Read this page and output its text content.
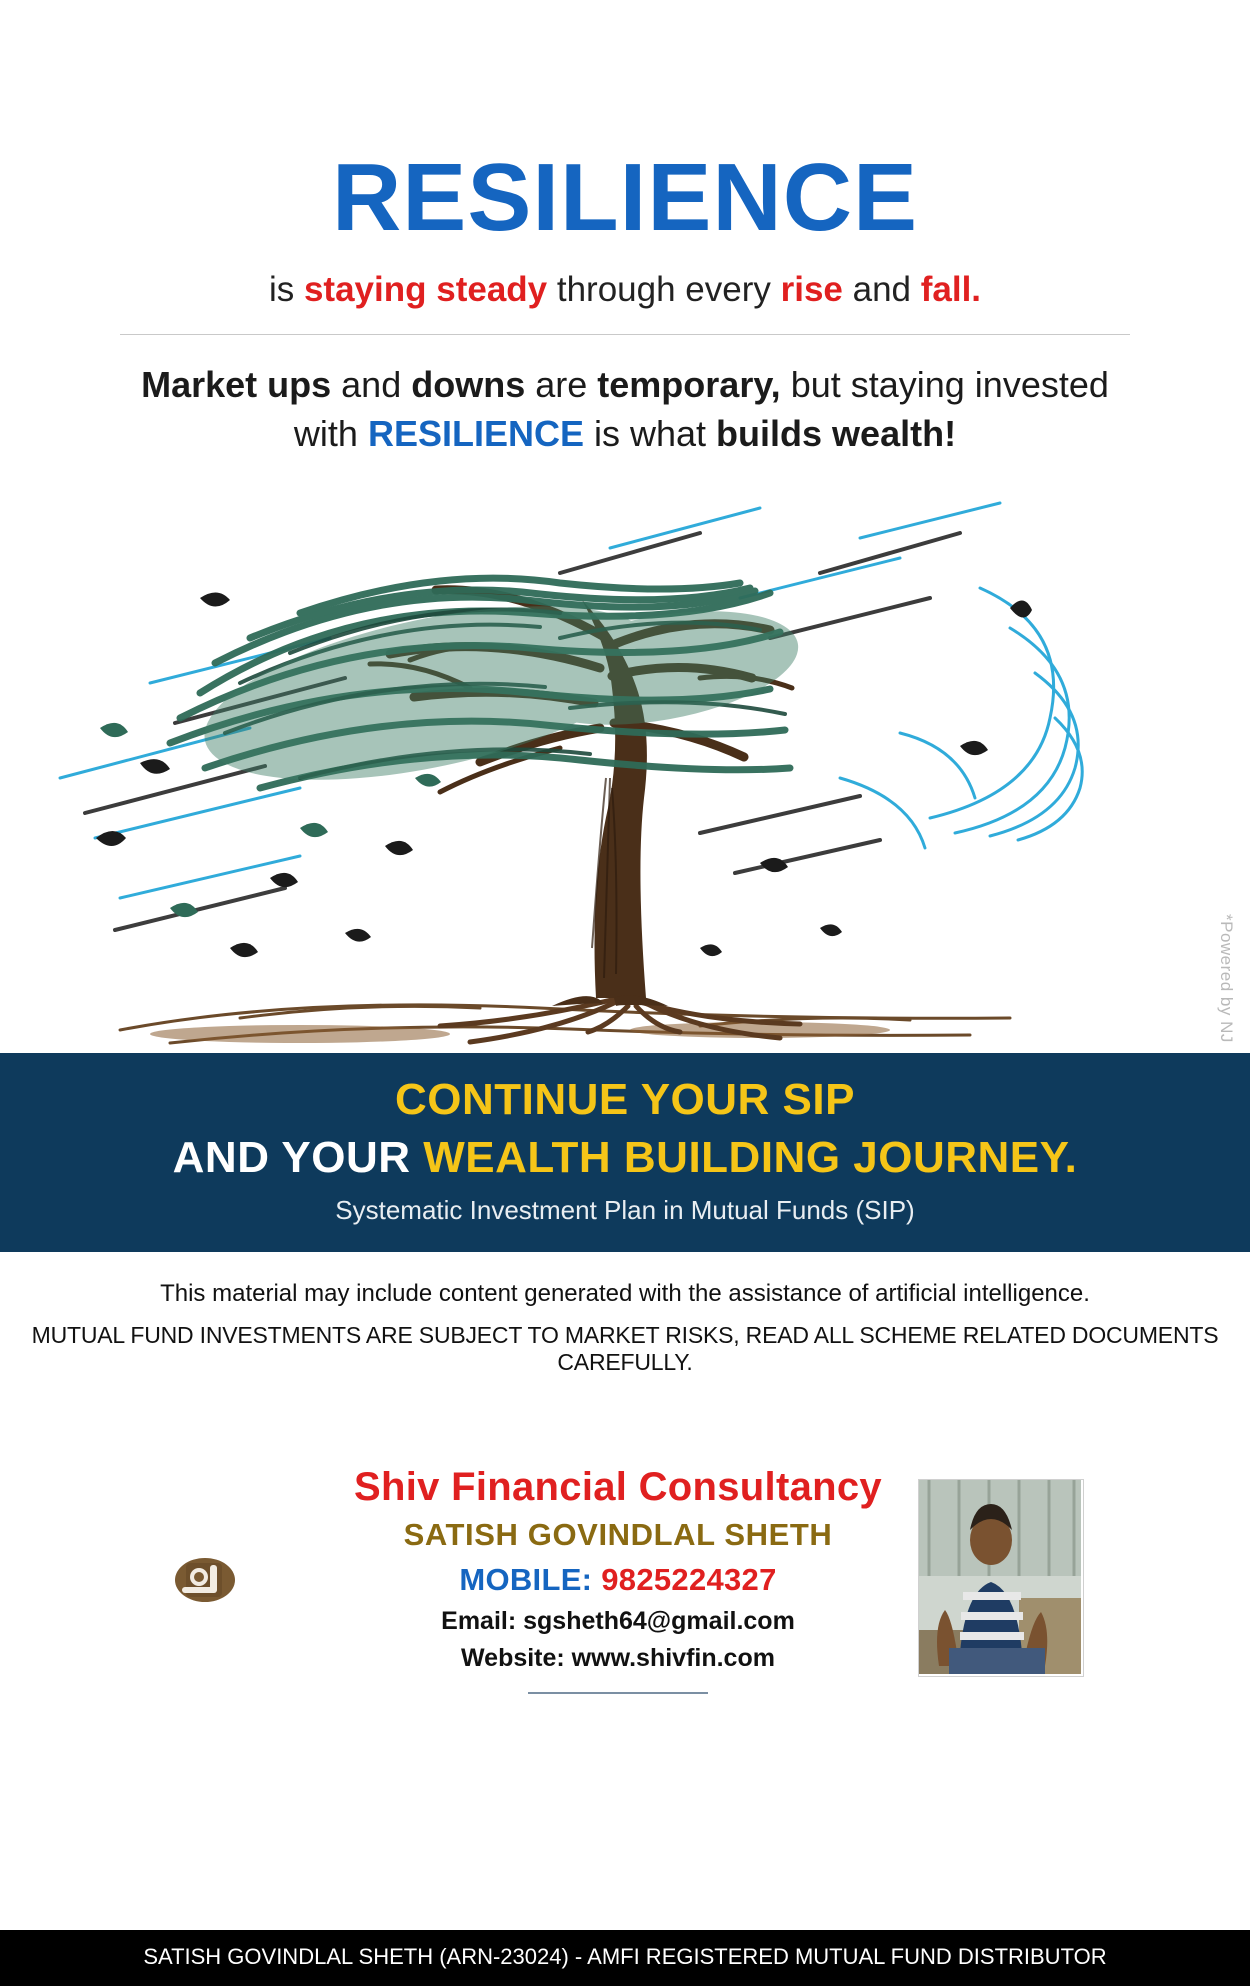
RESILIENCE
is staying steady through every rise and fall.
Market ups and downs are temporary, but staying invested with RESILIENCE is what builds wealth!
*Powered by NJ
CONTINUE YOUR SIP
AND YOUR WEALTH BUILDING JOURNEY.
Systematic Investment Plan in Mutual Funds (SIP)
This material may include content generated with the assistance of artificial intelligence.
MUTUAL FUND INVESTMENTS ARE SUBJECT TO MARKET RISKS, READ ALL SCHEME RELATED DOCUMENTS CAREFULLY.
Shiv Financial Consultancy
SATISH GOVINDLAL SHETH
MOBILE: 9825224327
Email: sgsheth64@gmail.com
Website: www.shivfin.com
SATISH GOVINDLAL SHETH (ARN-23024) - AMFI REGISTERED MUTUAL FUND DISTRIBUTOR
